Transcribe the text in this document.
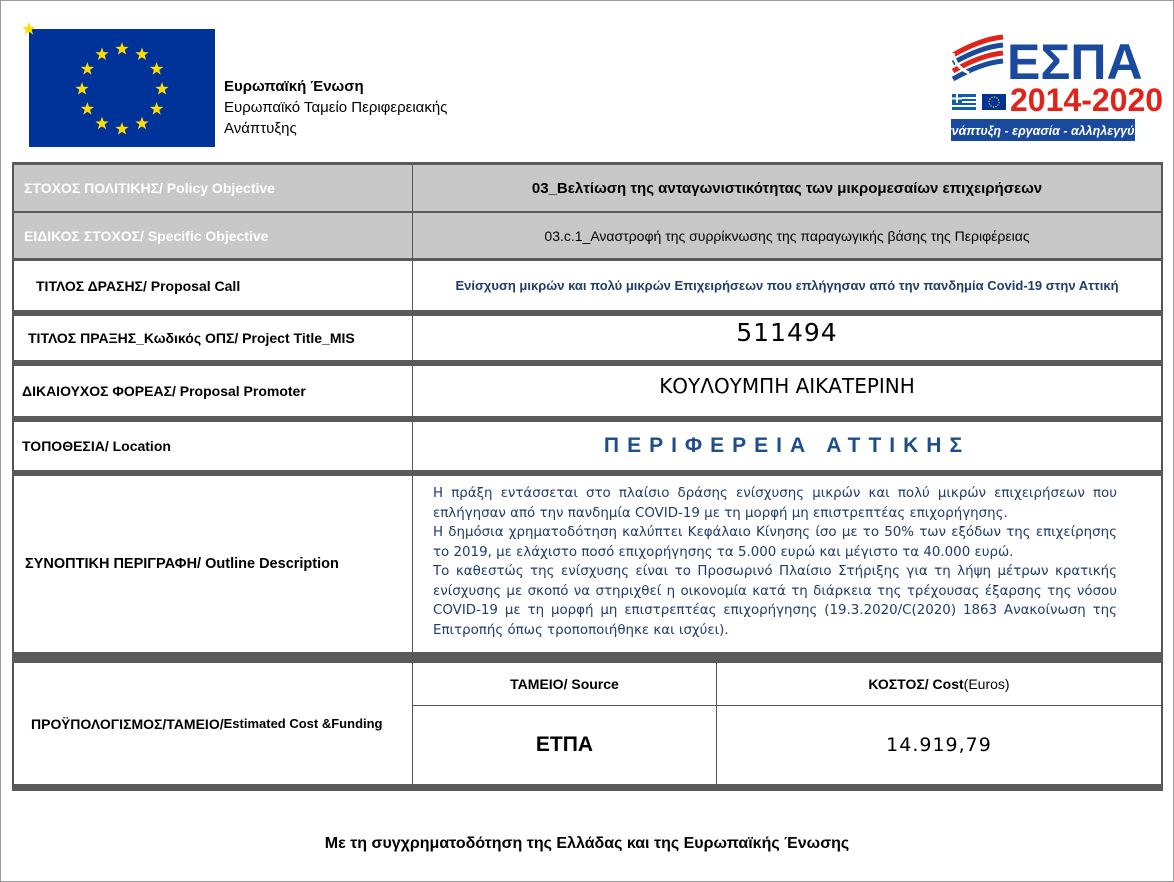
Ευρωπαϊκή Ένωση
Ευρωπαϊκό Ταμείο Περιφερειακής
Ανάπτυξης
ΕΣΠΑ
2014-2020
ανάπτυξη - εργασία - αλληλεγγύη
ΣΤΟΧΟΣ ΠΟΛΙΤΙΚΗΣ/ Policy Objective	03_Βελτίωση της ανταγωνιστικότητας των μικρομεσαίων επιχειρήσεων
ΕΙΔΙΚΟΣ ΣΤΟΧΟΣ/ Specific Objective	03.c.1_Αναστροφή της συρρίκνωσης της παραγωγικής βάσης της Περιφέρειας
ΤΙΤΛΟΣ ΔΡΑΣΗΣ/ Proposal Call	Ενίσχυση μικρών και πολύ μικρών Επιχειρήσεων που επλήγησαν από την πανδημία Covid-19 στην Αττική
ΤΙΤΛΟΣ ΠΡΑΞΗΣ_Κωδικός ΟΠΣ/ Project Title_MIS	511494
ΔΙΚΑΙΟΥΧΟΣ ΦΟΡΕΑΣ/ Proposal Promoter	ΚΟΥΛΟΥΜΠΗ ΑΙΚΑΤΕΡΙΝΗ
ΤΟΠΟΘΕΣΙΑ/ Location	ΠΕΡΙΦΕΡΕΙΑ ΑΤΤΙΚΗΣ
ΣΥΝΟΠΤΙΚΗ ΠΕΡΙΓΡΑΦΗ/ Outline Description

Η πράξη εντάσσεται στο πλαίσιο δράσης ενίσχυσης μικρών και πολύ μικρών επιχειρήσεων που επλήγησαν από την πανδημία COVID-19 με τη μορφή μη επιστρεπτέας επιχορήγησης.

Η δημόσια χρηματοδότηση καλύπτει Κεφάλαιο Κίνησης ίσο με το 50% των εξόδων της επιχείρησης το 2019, με ελάχιστο ποσό επιχορήγησης τα 5.000 ευρώ και μέγιστο τα 40.000 ευρώ.

Το καθεστώς της ενίσχυσης είναι το Προσωρινό Πλαίσιο Στήριξης για τη λήψη μέτρων κρατικής ενίσχυσης με σκοπό να στηριχθεί η οικονομία κατά τη διάρκεια της τρέχουσας έξαρσης της νόσου COVID-19 με τη μορφή μη επιστρεπτέας επιχορήγησης (19.3.2020/C(2020) 1863 Ανακοίνωση της Επιτροπής όπως τροποποιήθηκε και ισχύει).

ΠΡΟΫΠΟΛΟΓΙΣΜΟΣ/ΤΑΜΕΙΟ/ Estimated Cost &Funding
ΤΑΜΕΙΟ/ Source	ΚΟΣΤΟΣ/ Cost (Euros)
ΕΤΠΑ	14.919,79
Με τη συγχρηματοδότηση της Ελλάδας και της Ευρωπαϊκής Ένωσης
